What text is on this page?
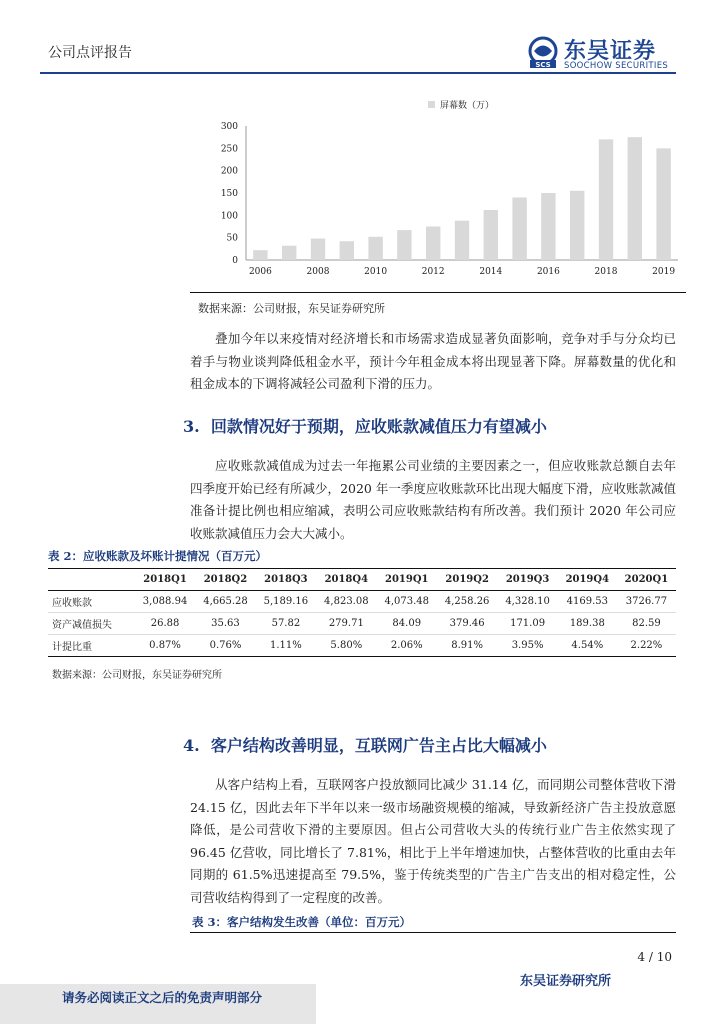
公司点评报告
SCS
东吴证券
SOOCHOW SECURITIES
0
50
100
150
200
250
300
2006	2008	2010	2012	2014	2016	2018	2019
屏幕数（万）
数据来源：公司财报，东吴证券研究所

叠加今年以来疫情对经济增长和市场需求造成显著负面影响，竞争对手与分众均已着手与物业谈判降低租金水平，预计今年租金成本将出现显著下降。屏幕数量的优化和租金成本的下调将减轻公司盈利下滑的压力。

3. 回款情况好于预期，应收账款减值压力有望减小

应收账款减值成为过去一年拖累公司业绩的主要因素之一，但应收账款总额自去年四季度开始已经有所减少，2020 年一季度应收账款环比出现大幅度下滑，应收账款减值准备计提比例也相应缩减，表明公司应收账款结构有所改善。我们预计 2020 年公司应收账款减值压力会大大减小。

表 2：应收账款及坏账计提情况（百万元）
	2018Q1	2018Q2	2018Q3	2018Q4	2019Q1	2019Q2	2019Q3	2019Q4	2020Q1
应收账款	3,088.94	4,665.28	5,189.16	4,823.08	4,073.48	4,258.26	4,328.10	4169.53	3726.77
资产减值损失	26.88	35.63	57.82	279.71	84.09	379.46	171.09	189.38	82.59
计提比重	0.87%	0.76%	1.11%	5.80%	2.06%	8.91%	3.95%	4.54%	2.22%
数据来源：公司财报，东吴证券研究所
4. 客户结构改善明显，互联网广告主占比大幅减小

从客户结构上看，互联网客户投放额同比减少 31.14 亿，而同期公司整体营收下滑 24.15 亿，因此去年下半年以来一级市场融资规模的缩减，导致新经济广告主投放意愿降低，是公司营收下滑的主要原因。但占公司营收大头的传统行业广告主依然实现了 96.45 亿营收，同比增长了 7.81%，相比于上半年增速加快，占整体营收的比重由去年同期的 61.5%迅速提高至 79.5%，鉴于传统类型的广告主广告支出的相对稳定性，公司营收结构得到了一定程度的改善。

表 3：客户结构发生改善（单位：百万元）
4 / 10
请务必阅读正文之后的免责声明部分
东吴证券研究所
